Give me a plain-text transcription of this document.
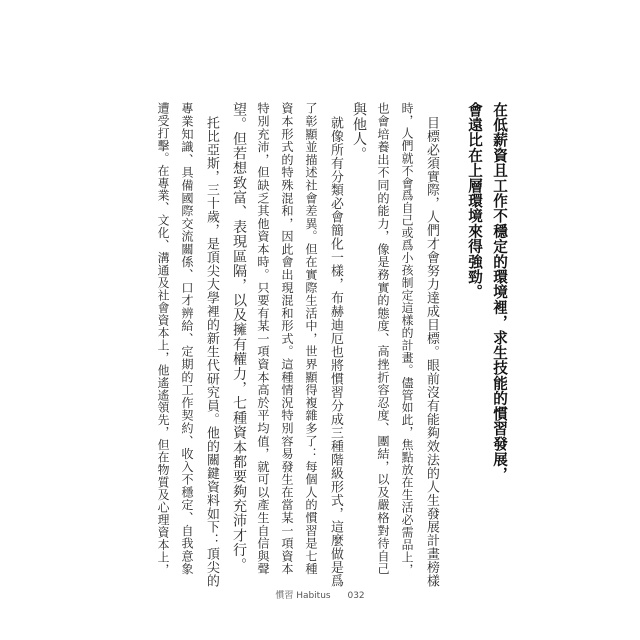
在低薪資且工作不穩定的環境裡，求生技能的慣習發展，
會遠比在上層環境來得強勁。
目標必須實際，人們才會努力達成目標。眼前沒有能夠效法的人生發展計畫榜樣
時，人們就不會爲自己或爲小孩制定這樣的計畫。儘管如此，焦點放在生活必需品上，
也會培養出不同的能力，像是務實的態度、高挫折容忍度、團結，以及嚴格對待自己
與他人。
就像所有分類必會簡化一樣，布赫迪厄也將慣習分成三種階級形式，這麼做是爲
了彰顯並描述社會差異。但在實際生活中，世界顯得複雜多了：每個人的慣習是七種
資本形式的特殊混和，因此會出現混和形式。這種情況特別容易發生在當某一項資本
特別充沛，但缺乏其他資本時。只要有某一項資本高於平均值，就可以產生自信與聲
望。但若想致富、表現區隔，以及擁有權力，七種資本都要夠充沛才行。
托比亞斯，三十歲，是頂尖大學裡的新生代研究員。他的關鍵資料如下：頂尖的
專業知識、具備國際交流關係、口才辨給、定期的工作契約、收入不穩定、自我意象
遭受打擊。在專業、文化、溝通及社會資本上，他遙遙領先，但在物質及心理資本上，
慣習 Habitus 032
